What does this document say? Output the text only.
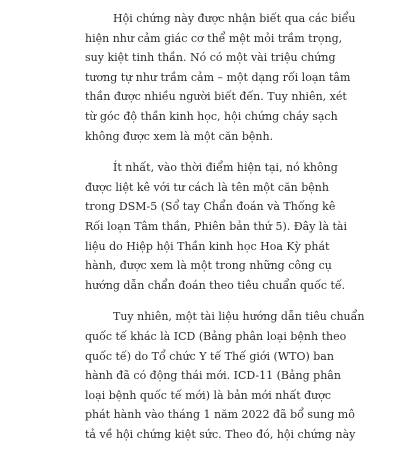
Hội chứng này được nhận biết qua các biểu
hiện như cảm giác cơ thể mệt mỏi trầm trọng,
suy kiệt tinh thần. Nó có một vài triệu chứng
tương tự như trầm cảm – một dạng rối loạn tâm
thần được nhiều người biết đến. Tuy nhiên, xét
từ góc độ thần kinh học, hội chứng cháy sạch
không được xem là một căn bệnh.

Ít nhất, vào thời điểm hiện tại, nó không
được liệt kê với tư cách là tên một căn bệnh
trong DSM-5 (Sổ tay Chẩn đoán và Thống kê
Rối loạn Tâm thần, Phiên bản thứ 5). Đây là tài
liệu do Hiệp hội Thần kinh học Hoa Kỳ phát
hành, được xem là một trong những công cụ
hướng dẫn chẩn đoán theo tiêu chuẩn quốc tế.

Tuy nhiên, một tài liệu hướng dẫn tiêu chuẩn
quốc tế khác là ICD (Bảng phân loại bệnh theo
quốc tế) do Tổ chức Y tế Thế giới (WTO) ban
hành đã có động thái mới. ICD-11 (Bảng phân
loại bệnh quốc tế mới) là bản mới nhất được
phát hành vào tháng 1 năm 2022 đã bổ sung mô
tả về hội chứng kiệt sức. Theo đó, hội chứng này
